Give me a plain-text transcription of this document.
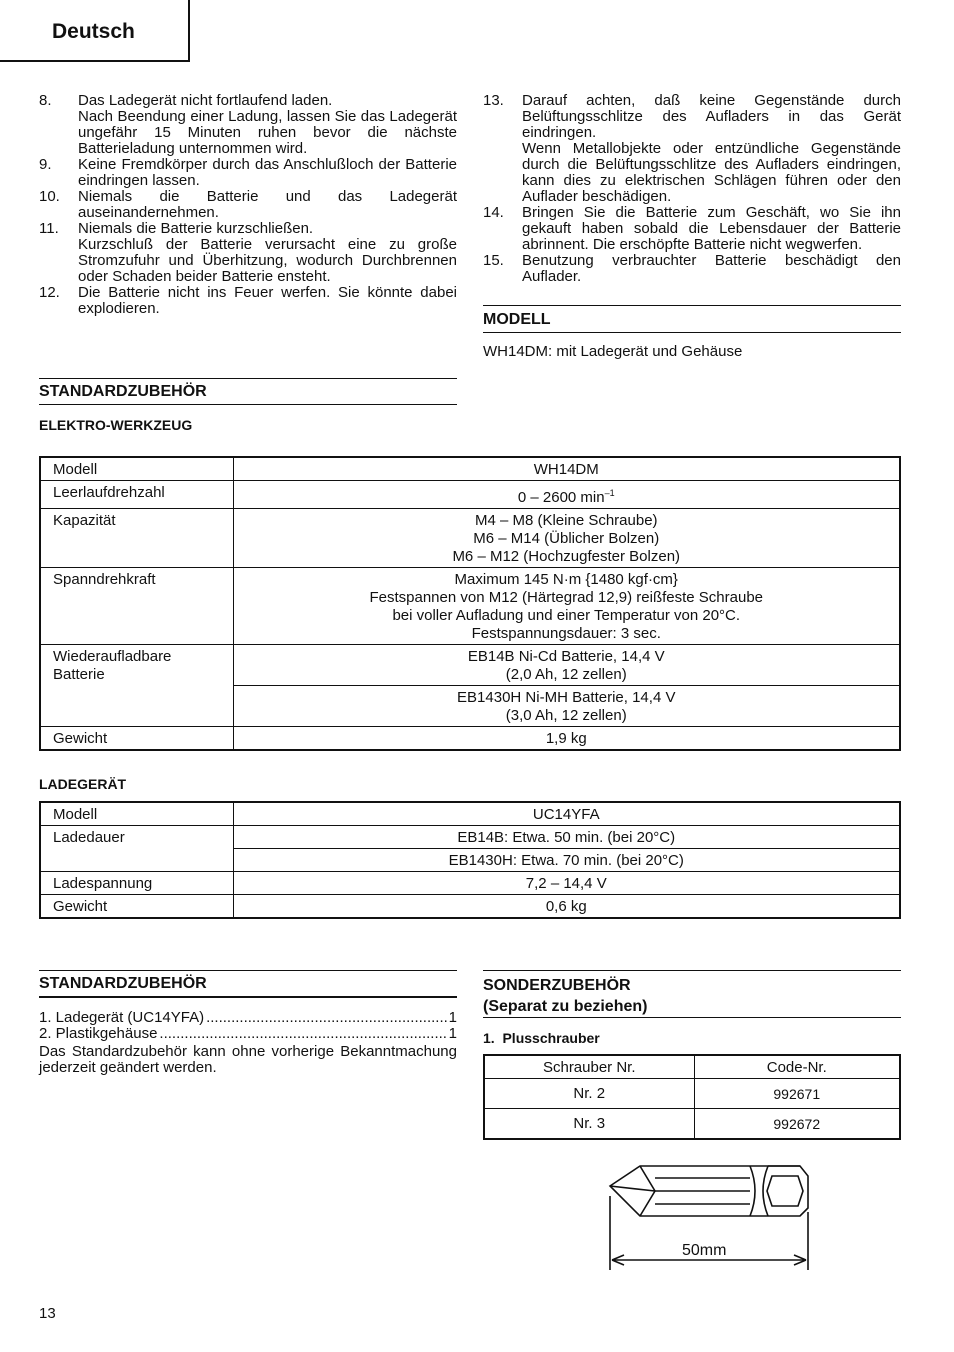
Deutsch
8. Das Ladegerät nicht fortlaufend laden.
Nach Beendung einer Ladung, lassen Sie das Ladegerät ungefähr 15 Minuten ruhen bevor die nächste Batterieladung unternommen wird.
9. Keine Fremdkörper durch das Anschlußloch der Batterie eindringen lassen.
10. Niemals die Batterie und das Ladegerät auseinandernehmen.
11. Niemals die Batterie kurzschließen.
Kurzschluß der Batterie verursacht eine zu große Stromzufuhr und Überhitzung, wodurch Durchbrennen oder Schaden beider Batterie ensteht.
12. Die Batterie nicht ins Feuer werfen. Sie könnte dabei explodieren.
13. Darauf achten, daß keine Gegenstände durch Belüftungsschlitze des Aufladers in das Gerät eindringen.
Wenn Metallobjekte oder entzündliche Gegenstände durch die Belüftungsschlitze des Aufladers eindringen, kann dies zu elektrischen Schlägen führen oder den Auflader beschädigen.
14. Bringen Sie die Batterie zum Geschäft, wo Sie ihn gekauft haben sobald die Lebensdauer der Batterie abrinnent. Die erschöpfte Batterie nicht wegwerfen.
15. Benutzung verbrauchter Batterie beschädigt den Auflader.
MODELL
WH14DM: mit Ladegerät und Gehäuse
STANDARDZUBEHÖR
ELEKTRO-WERKZEUG
Modell	WH14DM

Leerlaufdrehzahl	0 – 2600 $\min^{-1}$
Kapazität	M4 – M8 (Kleine Schraube)
M6 – M14 (Üblicher Bolzen)
M6 – M12 (Hochzugfester Bolzen)

Spanndrehkraft	Maximum 145 N·m {1480 kgf·cm}
Festspannen von M12 (Härtegrad 12,9) reißfeste Schraube
bei voller Aufladung und einer Temperatur von 20°C.
Festspannungsdauer: 3 sec.

Wiederaufladbare Batterie	EB14B Ni-Cd Batterie, 14,4 V
(2,0 Ah, 12 zellen)

	EB1430H Ni-MH Batterie, 14,4 V
(3,0 Ah, 12 zellen)

Gewicht	1,9 kg
LADEGERÄT
Modell	UC14YFA

Ladedauer	EB14B: Etwa. 50 min. (bei 20°C)

	EB1430H: Etwa. 70 min. (bei 20°C)

Ladespannung	7,2 – 14,4 V

Gewicht	0,6 kg
STANDARDZUBEHÖR
1. Ladegerät (UC14YFA) .....	1
2. Plastikgehäuse .....	1
Das Standardzubehör kann ohne vorherige Bekanntmachung jederzeit geändert werden.
SONDERZUBEHÖR
(Separat zu beziehen)
1. Plusschrauber
Schrauber Nr.	Code-Nr.
Nr. 2	992671
Nr. 3	992672
50mm
13
